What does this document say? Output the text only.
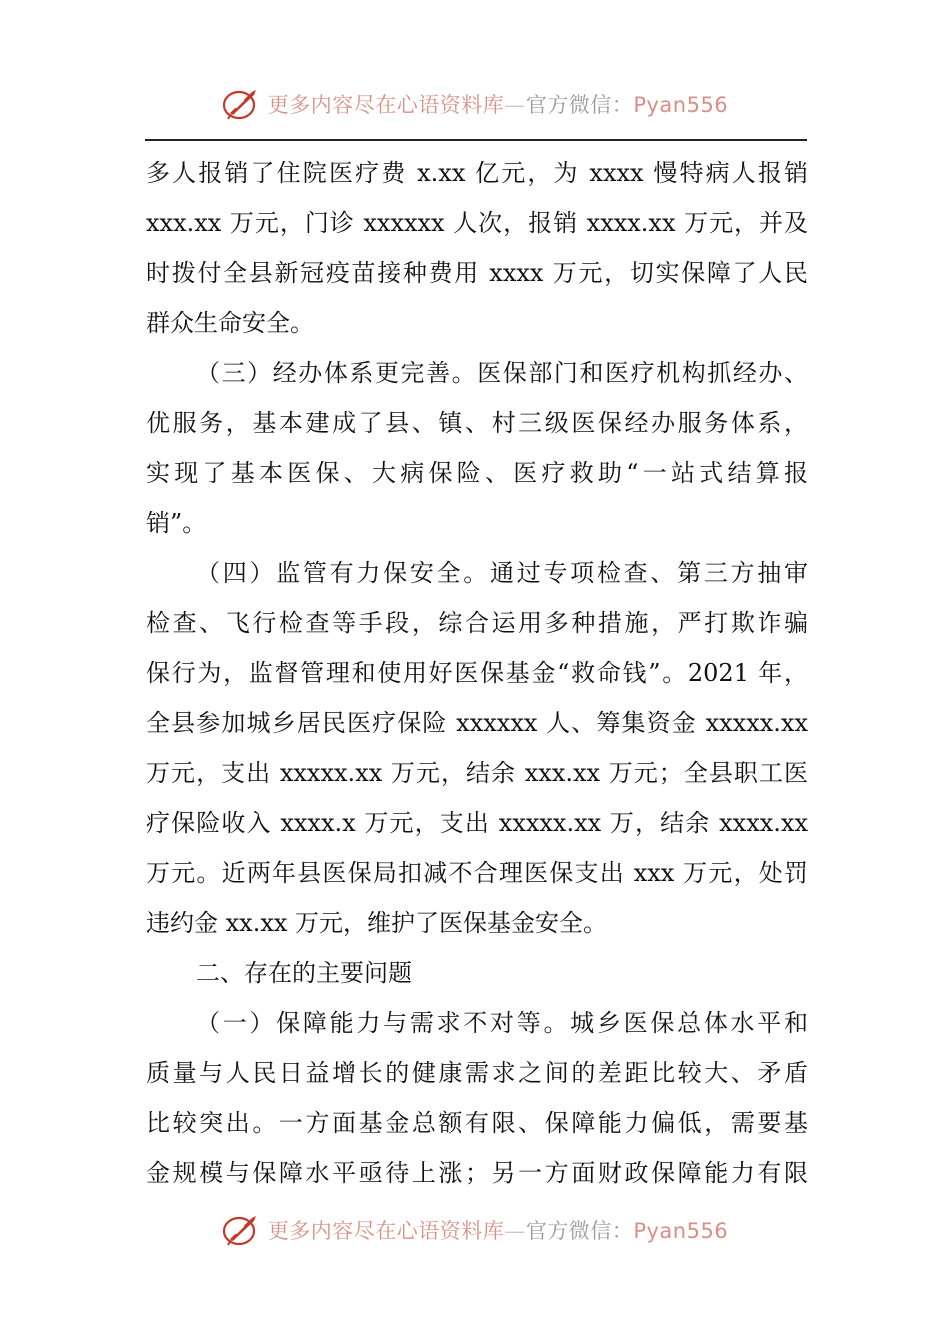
更多内容尽在心语资料库—官方微信：Pyan556
多人报销了住院医疗费 x.xx 亿元，为 xxxx 慢特病人报销
xxx.xx 万元，门诊 xxxxxx 人次，报销 xxxx.xx 万元，并及
时拨付全县新冠疫苗接种费用 xxxx 万元，切实保障了人民
群众生命安全。
（三）经办体系更完善。医保部门和医疗机构抓经办、
优服务，基本建成了县、镇、村三级医保经办服务体系，
实现了基本医保、大病保险、医疗救助“一站式结算报
销”。
（四）监管有力保安全。通过专项检查、第三方抽审
检查、飞行检查等手段，综合运用多种措施，严打欺诈骗
保行为，监督管理和使用好医保基金“救命钱”。2021 年，
全县参加城乡居民医疗保险 xxxxxx 人、筹集资金 xxxxx.xx
万元，支出 xxxxx.xx 万元，结余 xxx.xx 万元；全县职工医
疗保险收入 xxxx.x 万元，支出 xxxxx.xx 万，结余 xxxx.xx
万元。近两年县医保局扣减不合理医保支出 xxx 万元，处罚
违约金 xx.xx 万元，维护了医保基金安全。
二、存在的主要问题
（一）保障能力与需求不对等。城乡医保总体水平和
质量与人民日益增长的健康需求之间的差距比较大、矛盾
比较突出。一方面基金总额有限、保障能力偏低，需要基
金规模与保障水平亟待上涨；另一方面财政保障能力有限
更多内容尽在心语资料库—官方微信：Pyan556
